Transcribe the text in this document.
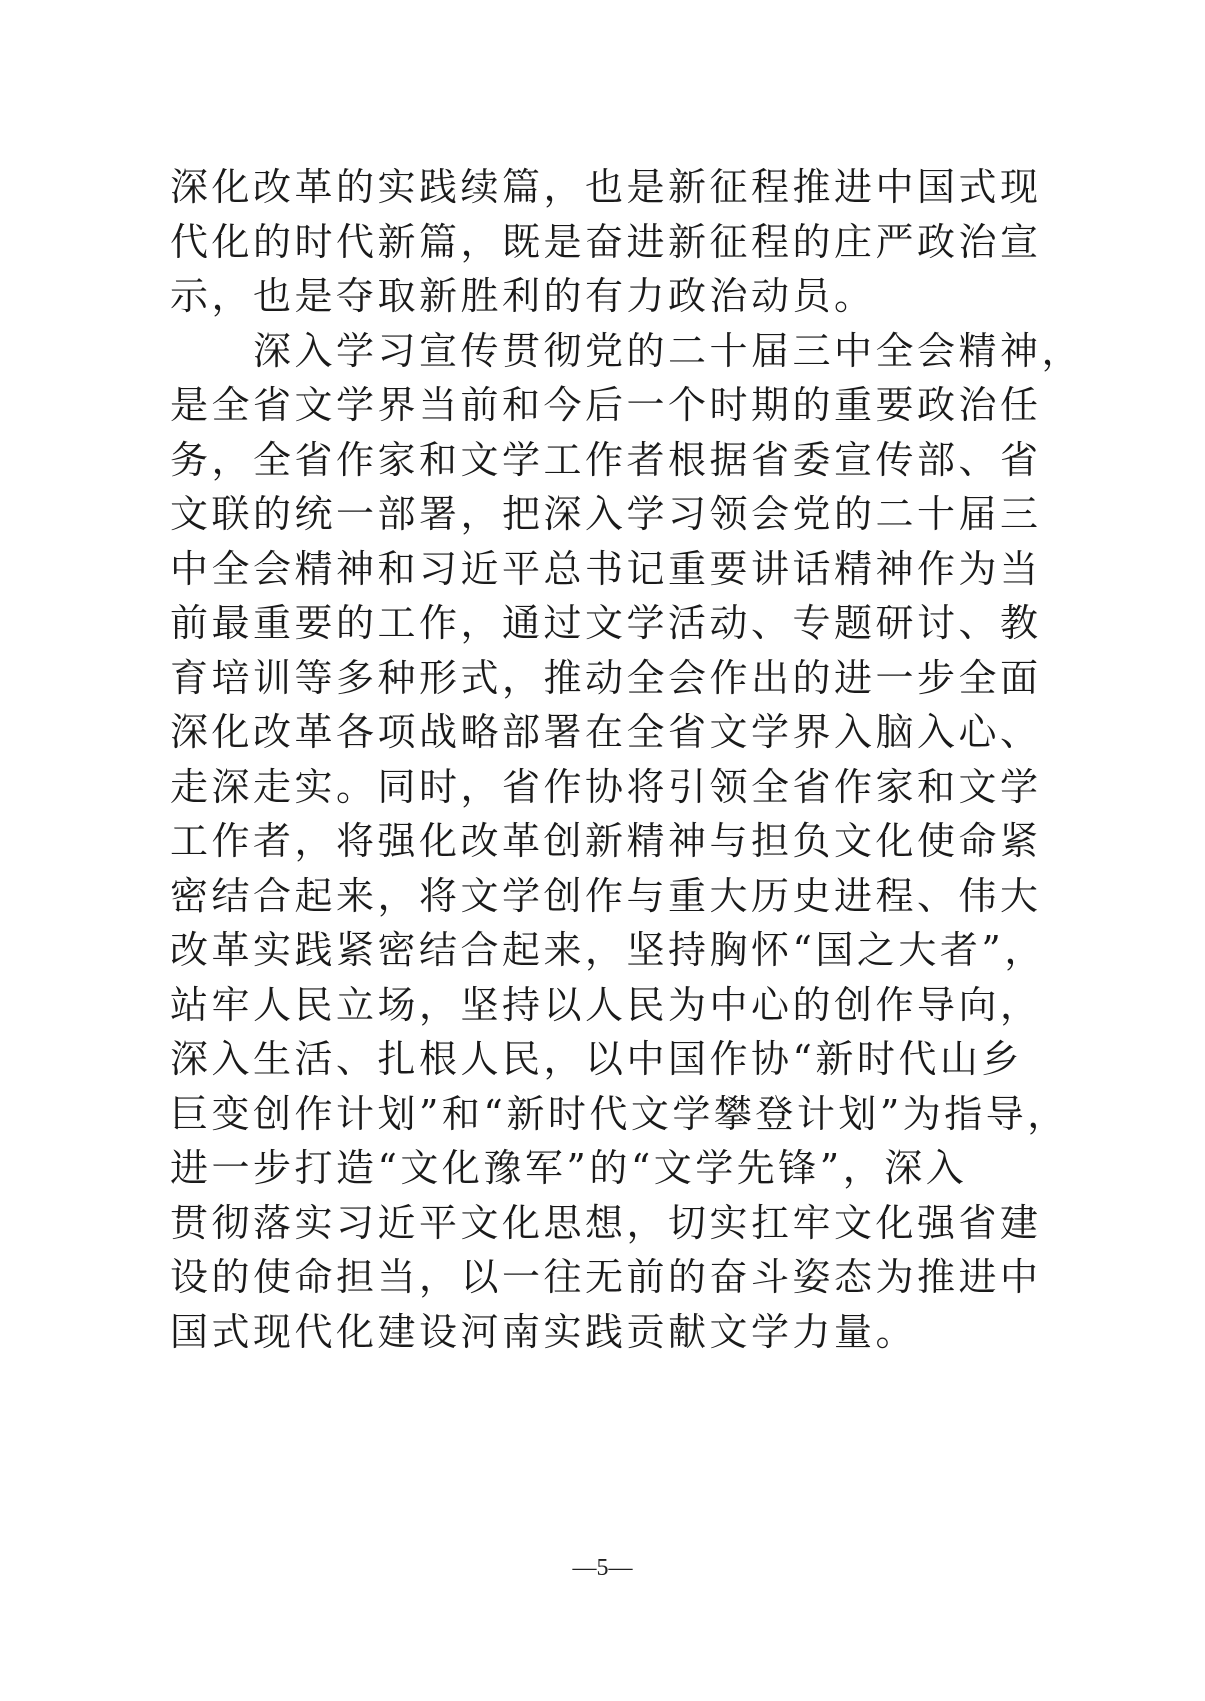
深化改革的实践续篇，也是新征程推进中国式现
代化的时代新篇，既是奋进新征程的庄严政治宣
示，也是夺取新胜利的有力政治动员。
　　深入学习宣传贯彻党的二十届三中全会精神，
是全省文学界当前和今后一个时期的重要政治任
务，全省作家和文学工作者根据省委宣传部、省
文联的统一部署，把深入学习领会党的二十届三
中全会精神和习近平总书记重要讲话精神作为当
前最重要的工作，通过文学活动、专题研讨、教
育培训等多种形式，推动全会作出的进一步全面
深化改革各项战略部署在全省文学界入脑入心、
走深走实。同时，省作协将引领全省作家和文学
工作者，将强化改革创新精神与担负文化使命紧
密结合起来，将文学创作与重大历史进程、伟大
改革实践紧密结合起来，坚持胸怀“国之大者”，
站牢人民立场，坚持以人民为中心的创作导向，
深入生活、扎根人民，以中国作协“新时代山乡
巨变创作计划”和“新时代文学攀登计划”为指导，
进一步打造“文化豫军”的“文学先锋”，深入
贯彻落实习近平文化思想，切实扛牢文化强省建
设的使命担当，以一往无前的奋斗姿态为推进中
国式现代化建设河南实践贡献文学力量。
—5—
